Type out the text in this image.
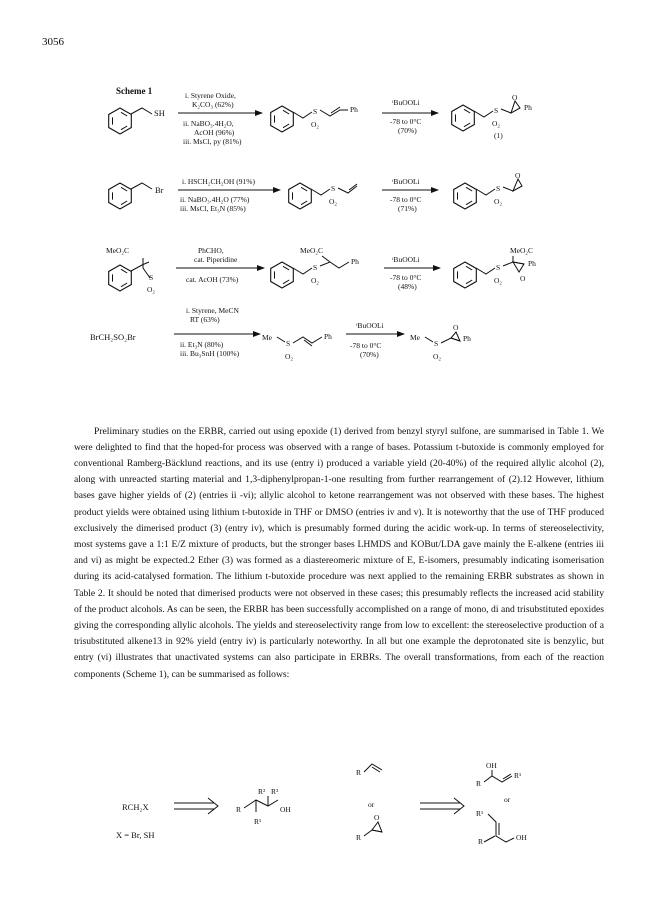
3056
Scheme 1
SH
i. Styrene Oxide,
K₂CO₃ (62%)
ii. NaBO₃.4H₂O,
AcOH (96%)
iii. MsCl, py (81%)
S
O₂
Ph
ᵗBuOOLi
-78 to 0°C
(70%)
S
O₂
O
Ph
(1)
Br
i. HSCH₂CH₂OH (91%)
ii. NaBO₃.4H₂O (77%)
iii. MsCl, Et₃N (85%)
S
O₂
ᵗBuOOLi
-78 to 0°C
(71%)
S
O₂
O
MeO₂C
S
O₂
PhCHO,
cat. Piperidine
cat. AcOH (73%)
MeO₂C
S
O₂
Ph	ᵗBuOOLi
-78 to 0°C
(48%)
MeO₂C
S
O₂ O
Ph
BrCH₂SO₂Br
i. Styrene, MeCN
RT (63%)
ii. Et₃N (80%)
iii. Bu₃SnH (100%)
Me
S
O₂
Ph
ᵗBuOOLi
-78 to 0°C
(70%)
Me
S
O₂
O
Ph
RCH₂X
X = Br, SH
R
R² R³
OH
R¹
R
or
R
O
OH
R
R¹
or
R¹
R	OH

Preliminary studies on the ERBR, carried out using epoxide (1) derived from benzyl styryl sulfone, are summarised in Table 1. We were delighted to find that the hoped-for process was observed with a range of bases. Potassium t-butoxide is commonly employed for conventional Ramberg-Bäcklund reactions, and its use (entry i) produced a variable yield (20-40%) of the required allylic alcohol (2), along with unreacted starting material and 1,3-diphenylpropan-1-one resulting from further rearrangement of (2).12 However, lithium bases gave higher yields of (2) (entries ii -vi); allylic alcohol to ketone rearrangement was not observed with these bases. The highest product yields were obtained using lithium t-butoxide in THF or DMSO (entries iv and v). It is noteworthy that the use of THF produced exclusively the dimerised product (3) (entry iv), which is presumably formed during the acidic work-up. In terms of stereoselectivity, most systems gave a 1:1 E/Z mixture of products, but the stronger bases LHMDS and KOBut/LDA gave mainly the E-alkene (entries iii and vi) as might be expected.2 Ether (3) was formed as a diastereomeric mixture of E, E-isomers, presumably indicating isomerisation during its acid-catalysed formation. The lithium t-butoxide procedure was next applied to the remaining ERBR substrates as shown in Table 2. It should be noted that dimerised products were not observed in these cases; this presumably reflects the increased acid stability of the product alcohols. As can be seen, the ERBR has been successfully accomplished on a range of mono, di and trisubstituted epoxides giving the corresponding allylic alcohols. The yields and stereoselectivity range from low to excellent: the stereoselective production of a trisubstituted alkene13 in 92% yield (entry iv) is particularly noteworthy. In all but one example the deprotonated site is benzylic, but entry (vi) illustrates that unactivated systems can also participate in ERBRs. The overall transformations, from each of the reaction components (Scheme 1), can be summarised as follows:
